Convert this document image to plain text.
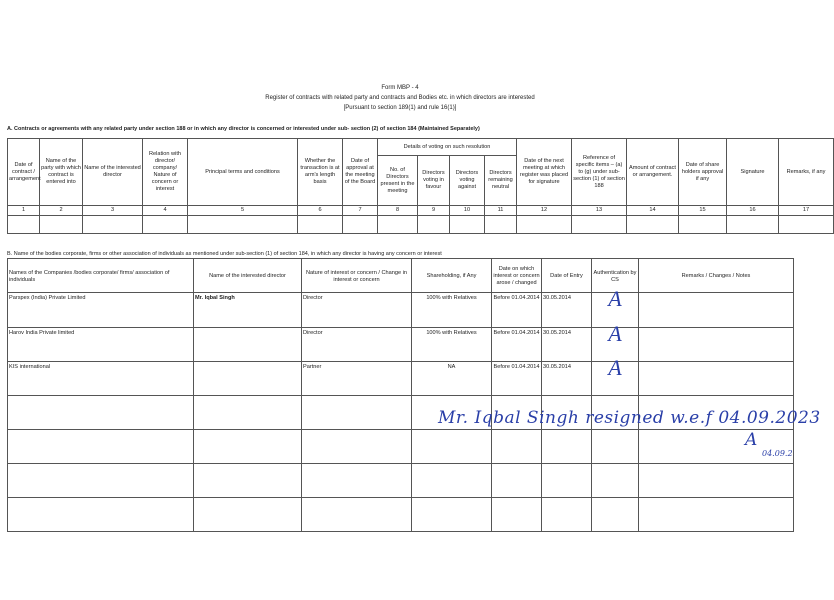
Form MBP - 4
Register of contracts with related party and contracts and Bodies etc. in which directors are interested
[Pursuant to section 189(1) and rule 16(1)]
A. Contracts or agreements with any related party under section 188 or in which any director is concerned or interested under sub- section (2) of section 184 (Maintained Separately)
Date of contract / arrangement	Name of the party with which contract is entered into	Name of the interested director	Relation with director/ company/ Nature of concern or interest	Principal terms and conditions	Whether the transaction is at arm's length basis	Date of approval at the meeting of the Board	Details of voting on such resolution				Date of the next meeting at which register was placed for signature	Reference of specific items – (a) to (g) under sub-section (1) of section 188	Amount of contract or arrangement.	Date of share holders approval if any	Signature	Remarks, if any
							No. of Directors present in the meeting	Directors voting in favour	Directors voting against	Directors remaining neutral						
1	2	3	4	5	6	7	8	9	10	11	12	13	14	15	16	17

B. Name of the bodies corporate, firms or other association of individuals as mentioned under sub-section (1) of section 184, in which any director is having any concern or interest
Names of the Companies /bodies corporate/ firms/ association of individuals	Name of the interested director	Nature of interest or concern / Change in interest or concern	Shareholding, if Any	Date on which interest or concern arose / changed	Date of Entry	Authentication by CS	Remarks / Changes / Notes
Parspex (India) Private Limited	Mr. Iqbal Singh	Director	100% with Relatives	Before 01.04.2014	30.05.2014	A	
Harov India Private limited		Director	100% with Relatives	Before 01.04.2014	30.05.2014	A	
KIS international		Partner	NA	Before 01.04.2014	30.05.2014	A	

Mr. Iqbal Singh resigned w.e.f 04.09.2023
A
04.09.2
